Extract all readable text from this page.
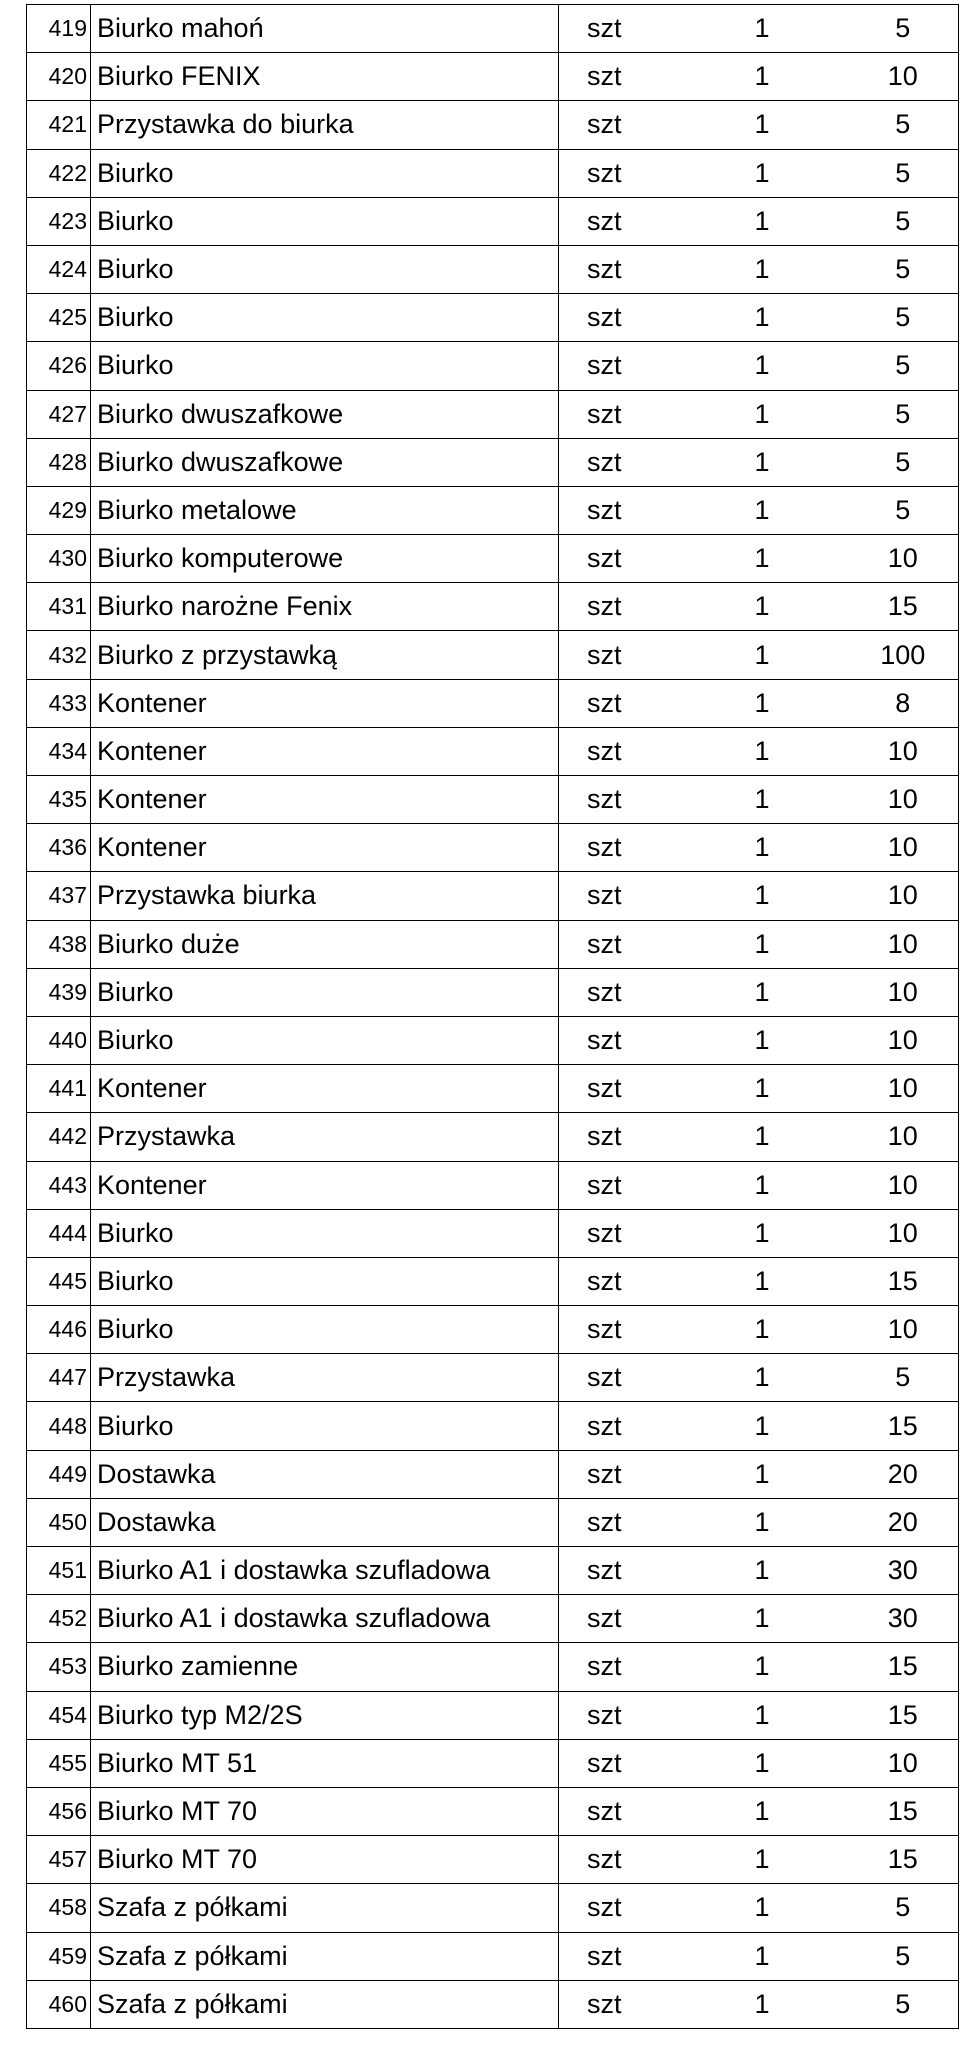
419	Biurko mahoń	szt	1	5
420	Biurko FENIX	szt	1	10
421	Przystawka do biurka	szt	1	5
422	Biurko	szt	1	5
423	Biurko	szt	1	5
424	Biurko	szt	1	5
425	Biurko	szt	1	5
426	Biurko	szt	1	5
427	Biurko dwuszafkowe	szt	1	5
428	Biurko dwuszafkowe	szt	1	5
429	Biurko metalowe	szt	1	5
430	Biurko komputerowe	szt	1	10
431	Biurko narożne Fenix	szt	1	15
432	Biurko z przystawką	szt	1	100
433	Kontener	szt	1	8
434	Kontener	szt	1	10
435	Kontener	szt	1	10
436	Kontener	szt	1	10
437	Przystawka biurka	szt	1	10
438	Biurko duże	szt	1	10
439	Biurko	szt	1	10
440	Biurko	szt	1	10
441	Kontener	szt	1	10
442	Przystawka	szt	1	10
443	Kontener	szt	1	10
444	Biurko	szt	1	10
445	Biurko	szt	1	15
446	Biurko	szt	1	10
447	Przystawka	szt	1	5
448	Biurko	szt	1	15
449	Dostawka	szt	1	20
450	Dostawka	szt	1	20
451	Biurko A1 i dostawka szufladowa	szt	1	30
452	Biurko A1 i dostawka szufladowa	szt	1	30
453	Biurko zamienne	szt	1	15
454	Biurko typ M2/2S	szt	1	15
455	Biurko MT 51	szt	1	10
456	Biurko MT 70	szt	1	15
457	Biurko MT 70	szt	1	15
458	Szafa z półkami	szt	1	5
459	Szafa z półkami	szt	1	5
460	Szafa z półkami	szt	1	5
